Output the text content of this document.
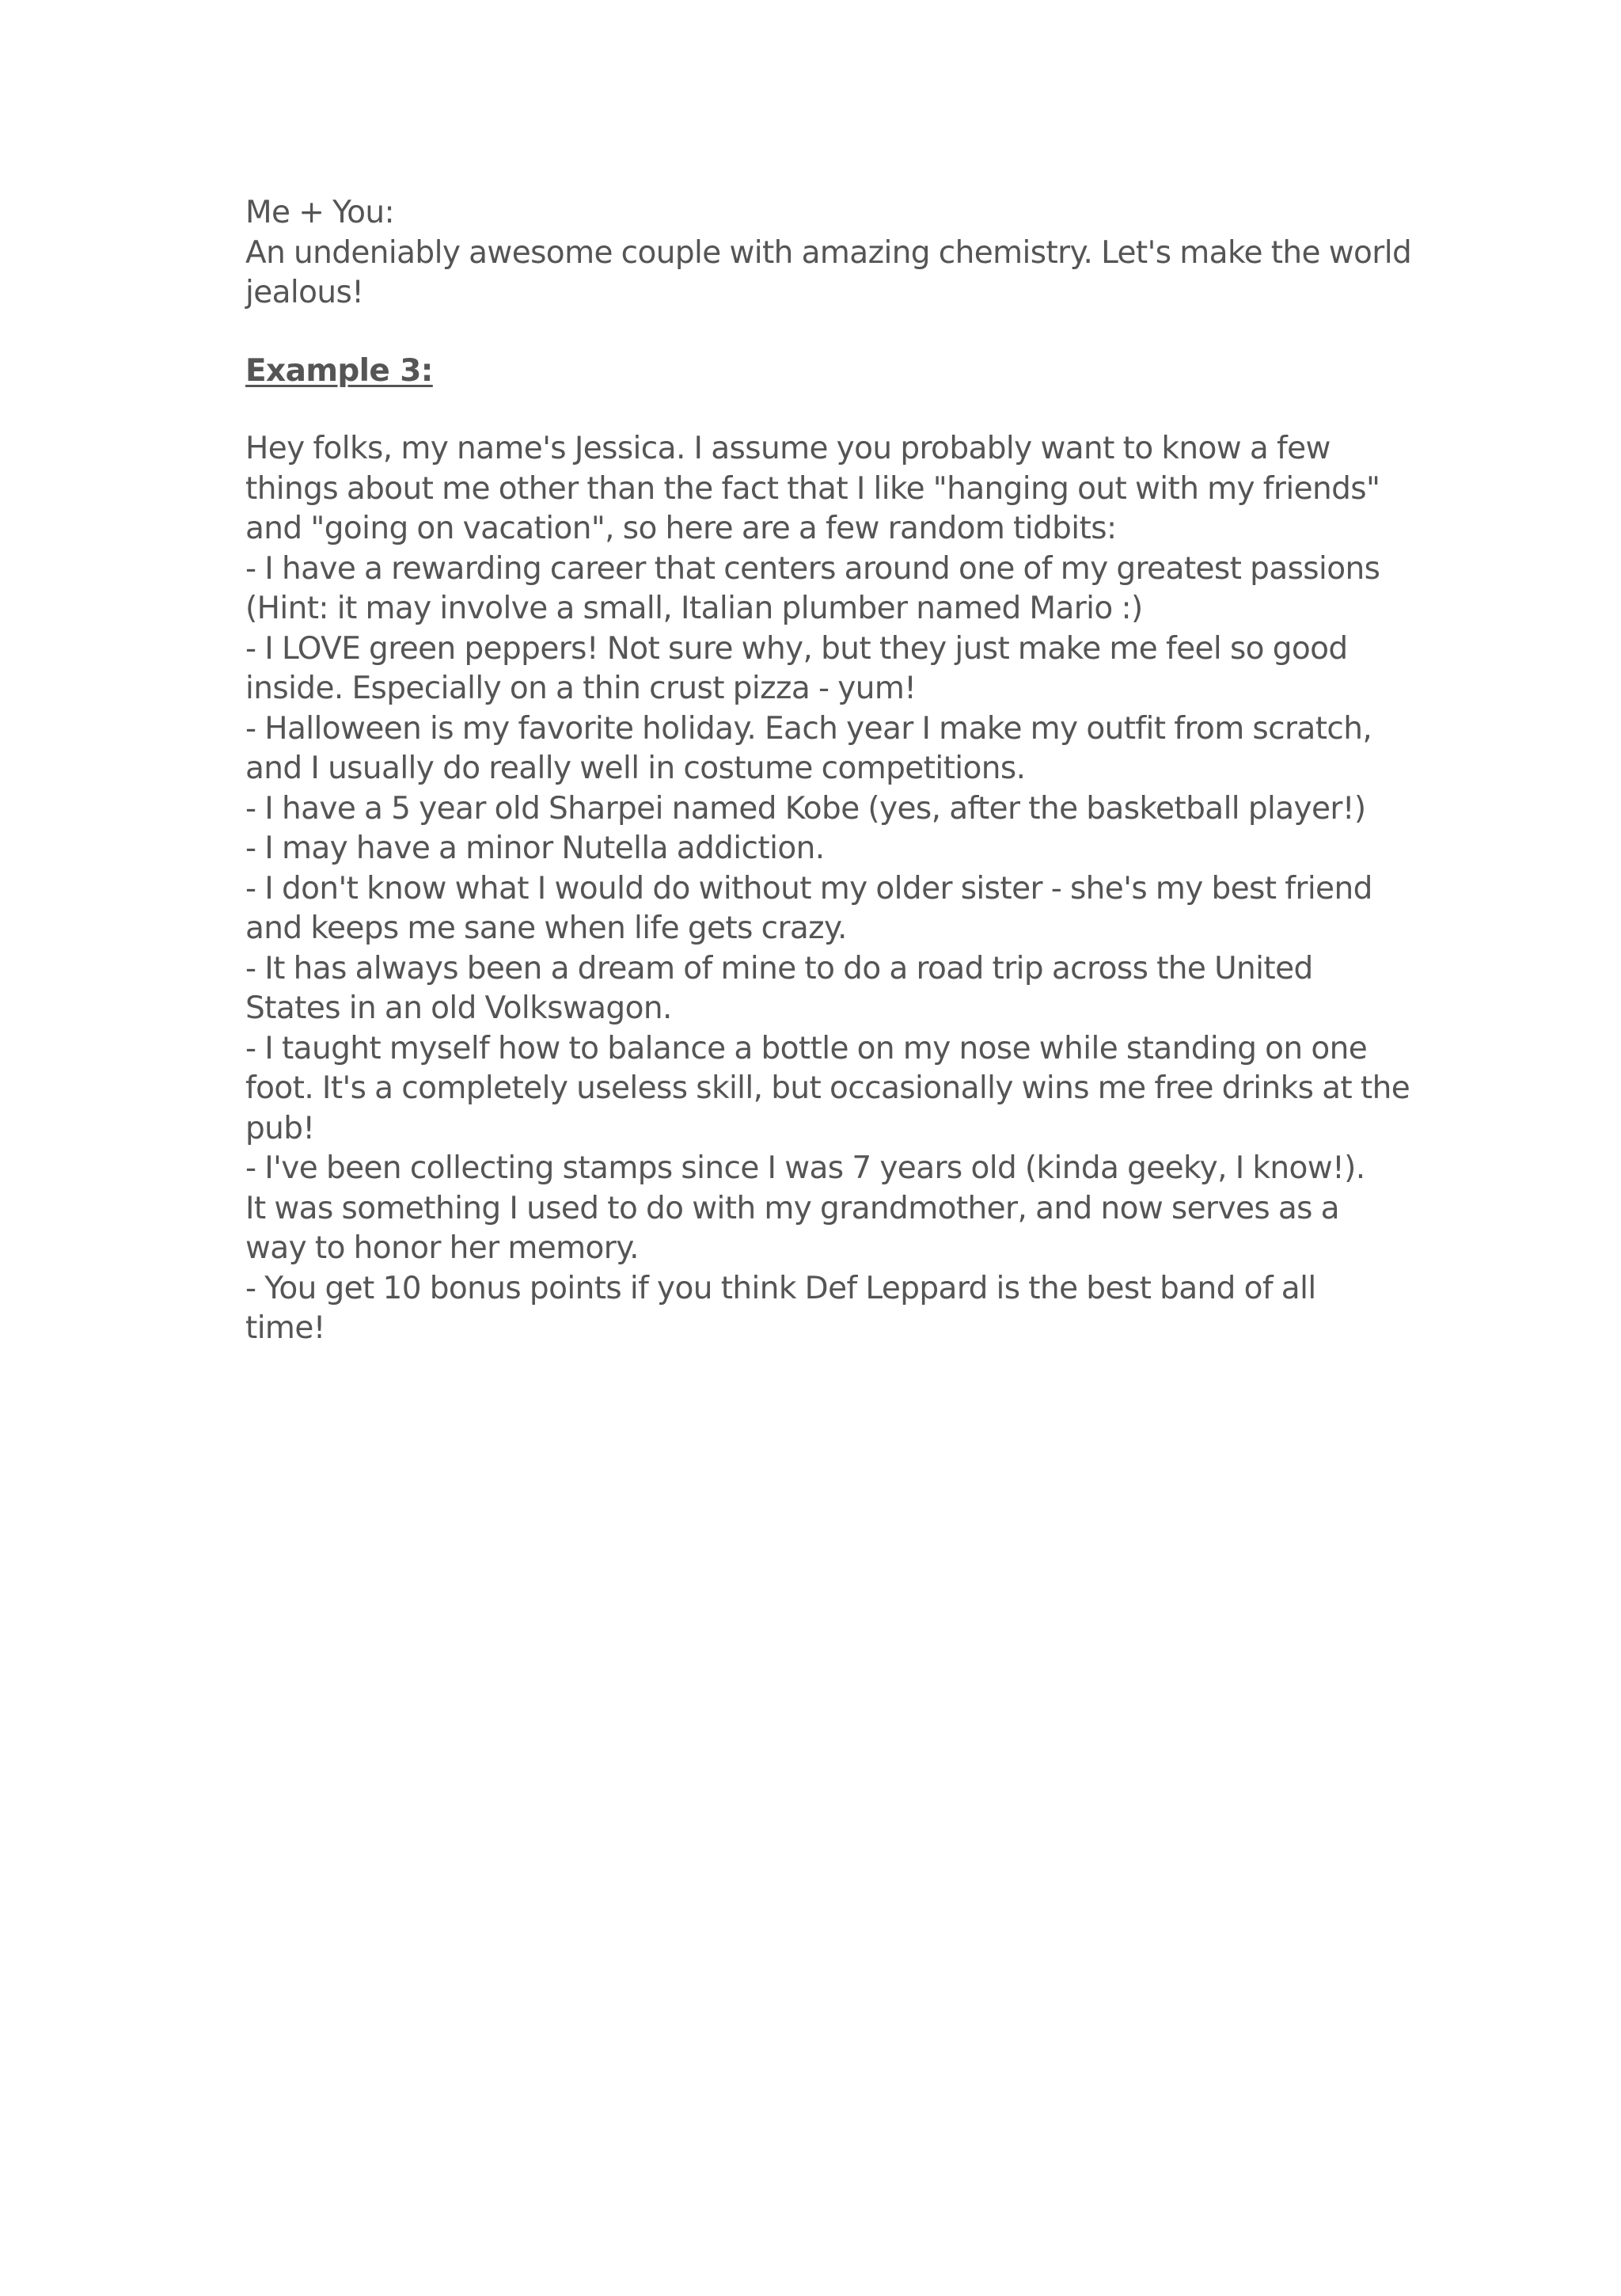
Me + You:
An undeniably awesome couple with amazing chemistry. Let's make the world
jealous!
Example 3:
Hey folks, my name's Jessica. I assume you probably want to know a few
things about me other than the fact that I like "hanging out with my friends"
and "going on vacation", so here are a few random tidbits:
- I have a rewarding career that centers around one of my greatest passions
(Hint: it may involve a small, Italian plumber named Mario :)
- I LOVE green peppers! Not sure why, but they just make me feel so good
inside. Especially on a thin crust pizza - yum!
- Halloween is my favorite holiday. Each year I make my outfit from scratch,
and I usually do really well in costume competitions.
- I have a 5 year old Sharpei named Kobe (yes, after the basketball player!)
- I may have a minor Nutella addiction.
- I don't know what I would do without my older sister - she's my best friend
and keeps me sane when life gets crazy.
- It has always been a dream of mine to do a road trip across the United
States in an old Volkswagon.
- I taught myself how to balance a bottle on my nose while standing on one
foot. It's a completely useless skill, but occasionally wins me free drinks at the
pub!
- I've been collecting stamps since I was 7 years old (kinda geeky, I know!).
It was something I used to do with my grandmother, and now serves as a
way to honor her memory.
- You get 10 bonus points if you think Def Leppard is the best band of all
time!
